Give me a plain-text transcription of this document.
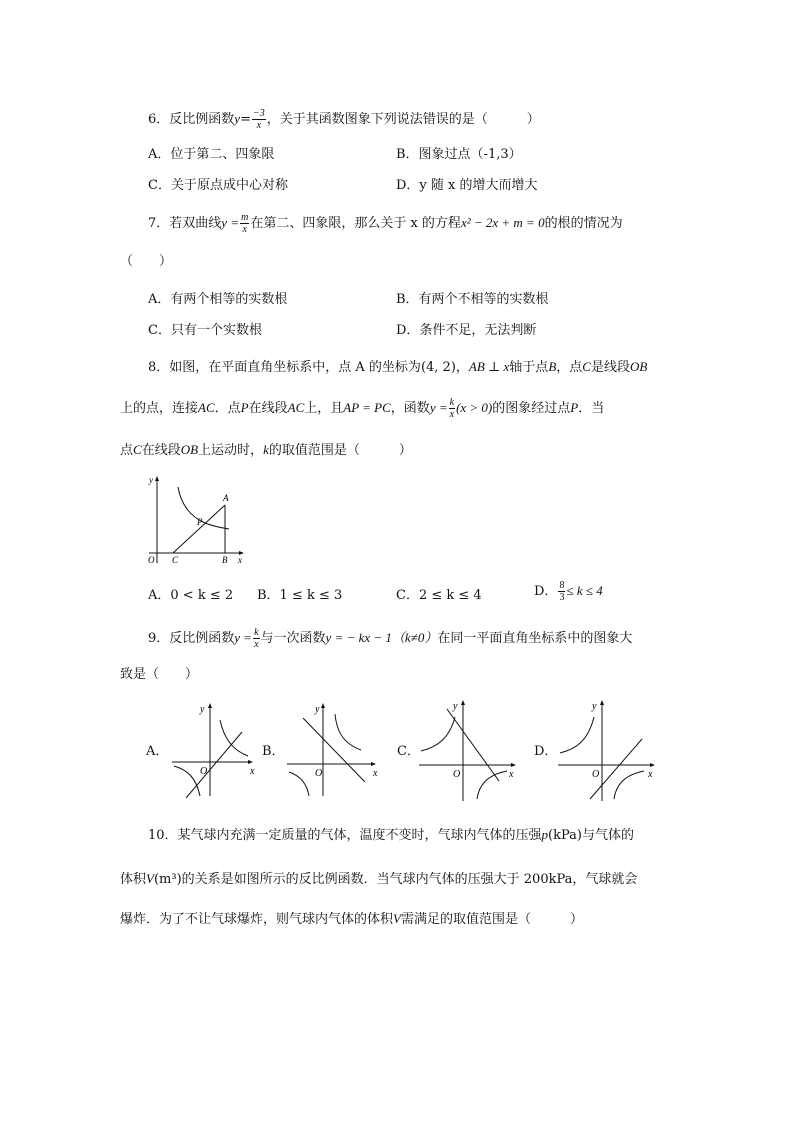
6．反比例函数$y= \frac{-3}{x}$ ，关于其函数图象下列说法错误的是（　　　）
A．位于第二、四象限	B．图象过点（-1,3）
C．关于原点成中心对称	D．y 随 x 的增大而增大
7．若双曲线$y = \frac{m}{x}$ 在第二、四象限，那么关于 x 的方程x² − 2x + m = 0的根的情况为
（　　）
A．有两个相等的实数根	B．有两个不相等的实数根
C．只有一个实数根	D．条件不足，无法判断
8．如图，在平面直角坐标系中，点 A 的坐标为(4, 2)，AB ⊥ x轴于点B，点C是线段OB
上的点，连接AC．点P在线段AC上，且AP = PC，函数$y = \frac{k}{x} (x > 0)$的图象经过点P．当
点C在线段OB上运动时，k的取值范围是（　　　）
y
A
P
O C	B x
A．0 < k ≤ 2 B．1 ≤ k ≤ 3	C．2 ≤ k ≤ 4	D． $\frac{8}{3} \le k \le 4$
9．反比例函数$y = \frac{k}{x}$ 与一次函数y = − kx − 1（k≠0）在同一平面直角坐标系中的图象大
致是（　　）
A．
y
O	x
B．
y
O	x
C．
y
O	x
D．
y
O	x
10．某气球内充满一定质量的气体，温度不变时，气球内气体的压强p(kPa)与气体的
体积V(m³)的关系是如图所示的反比例函数．当气球内气体的压强大于 200kPa，气球就会
爆炸．为了不让气球爆炸，则气球内气体的体积V需满足的取值范围是（　　　）
